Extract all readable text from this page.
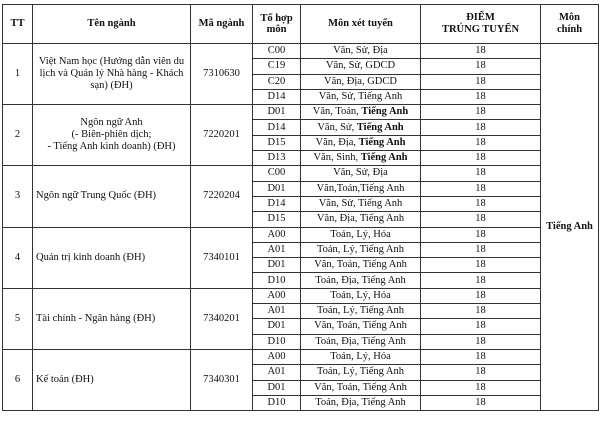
TT	Tên ngành	Mã ngành	Tổ hợp
môn	Môn xét tuyển	ĐIỂM
TRÚNG TUYỂN	Môn
chính
1	Việt Nam học (Hướng dẫn viên du lịch và Quản lý Nhà hàng - Khách sạn) (ĐH)	7310630	C00	Văn, Sử, Địa	18	Tiếng Anh
			C19	Văn, Sử, GDCD	18	
			C20	Văn, Địa, GDCD	18	
			D14	Văn, Sử, Tiếng Anh	18	
2	Ngôn ngữ Anh
(- Biên-phiên dịch;
- Tiếng Anh kinh doanh) (ĐH)	7220201	D01	Văn, Toán, Tiếng Anh	18	
			D14	Văn, Sử, Tiếng Anh	18	
			D15	Văn, Địa, Tiếng Anh	18	
			D13	Văn, Sinh, Tiếng Anh	18	
3	Ngôn ngữ Trung Quốc (ĐH)	7220204	C00	Văn, Sử, Địa	18	
			D01	Văn,Toán,Tiếng Anh	18	
			D14	Văn, Sử, Tiếng Anh	18	
			D15	Văn, Địa, Tiếng Anh	18	
4	Quản trị kinh doanh (ĐH)	7340101	A00	Toán, Lý, Hóa	18	
			A01	Toán, Lý, Tiếng Anh	18	
			D01	Văn, Toán, Tiếng Anh	18	
			D10	Toán, Địa, Tiếng Anh	18	
5	Tài chính - Ngân hàng (ĐH)	7340201	A00	Toán, Lý, Hóa	18	
			A01	Toán, Lý, Tiếng Anh	18	
			D01	Văn, Toán, Tiếng Anh	18	
			D10	Toán, Địa, Tiếng Anh	18	
6	Kế toán (ĐH)	7340301	A00	Toán, Lý, Hóa	18	
			A01	Toán, Lý, Tiếng Anh	18	
			D01	Văn, Toán, Tiếng Anh	18	
			D10	Toán, Địa, Tiếng Anh	18	
